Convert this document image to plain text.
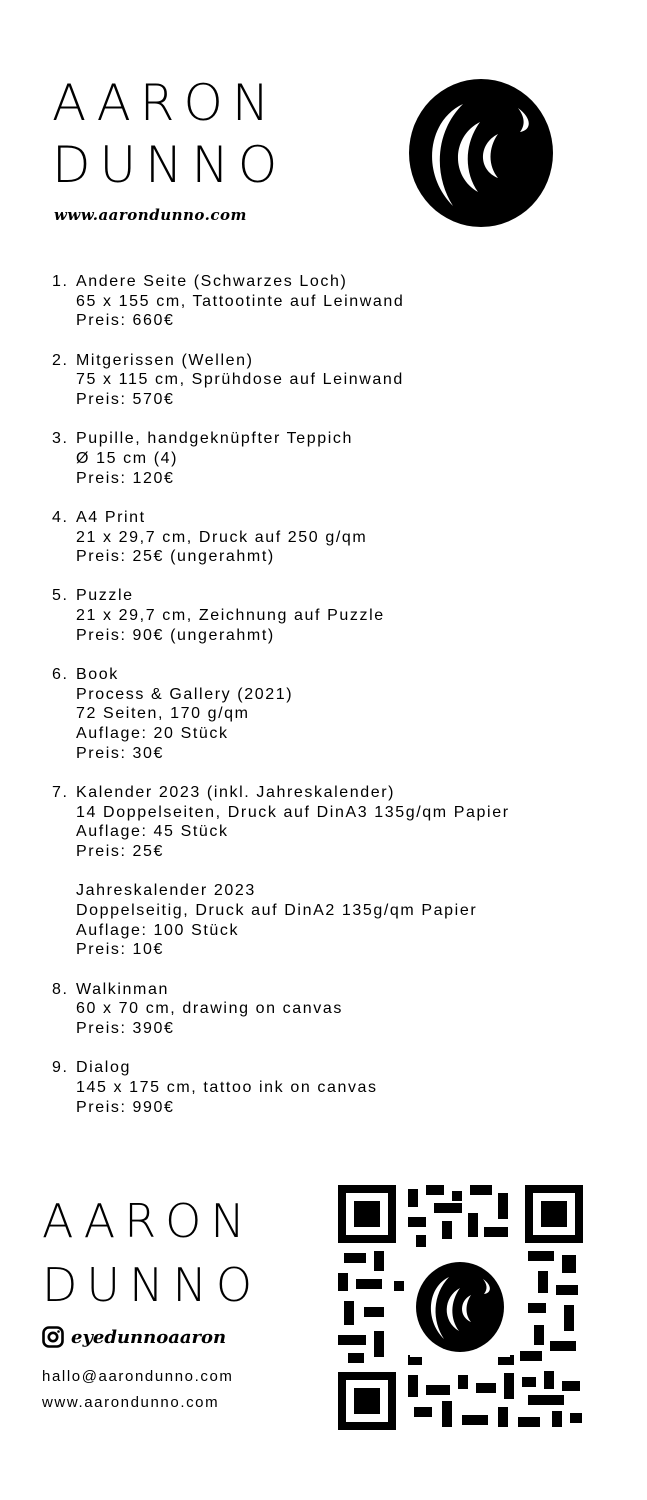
AARON
DUNNO
www.aarondunno.com
1. Andere Seite (Schwarzes Loch)
65 x 155 cm, Tattootinte auf Leinwand
Preis: 660€
2. Mitgerissen (Wellen)
75 x 115 cm, Sprühdose auf Leinwand
Preis: 570€
3. Pupille, handgeknüpfter Teppich
Ø 15 cm (4)
Preis: 120€
4. A4 Print
21 x 29,7 cm, Druck auf 250 g/qm
Preis: 25€ (ungerahmt)
5. Puzzle
21 x 29,7 cm, Zeichnung auf Puzzle
Preis: 90€ (ungerahmt)
6. Book
Process & Gallery (2021)
72 Seiten, 170 g/qm
Auflage: 20 Stück
Preis: 30€
7. Kalender 2023 (inkl. Jahreskalender)
14 Doppelseiten, Druck auf DinA3 135g/qm Papier
Auflage: 45 Stück
Preis: 25€
Jahreskalender 2023
Doppelseitig, Druck auf DinA2 135g/qm Papier
Auflage: 100 Stück
Preis: 10€
8. Walkinman
60 x 70 cm, drawing on canvas
Preis: 390€
9. Dialog
145 x 175 cm, tattoo ink on canvas
Preis: 990€
AARON
DUNNO
eyedunnoaaron
hallo@aarondunno.com
www.aarondunno.com
